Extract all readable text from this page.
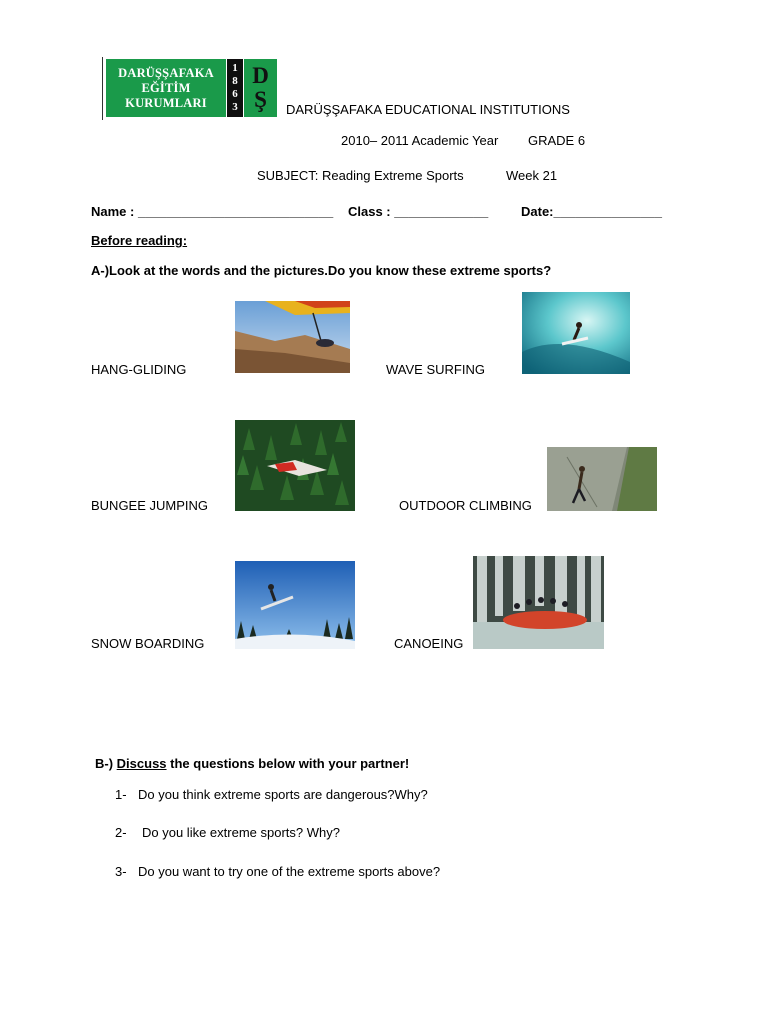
DARÜŞŞAFAKA
EĞİTİM
KURUMLARI
1
8
6
3
D
Ş DARÜŞŞAFAKA EDUCATIONAL INSTITUTIONS
2010– 2011 Academic Year GRADE 6
SUBJECT: Reading Extreme Sports	Week 21
Name : ___________________________ Class : _____________	Date:_______________
Before reading:
A-)Look at the words and the pictures.Do you know these extreme sports?
HANG-GLIDING	WAVE SURFING
BUNGEE JUMPING	OUTDOOR CLIMBING
SNOW BOARDING	CANOEING
B-) Discuss the questions below with your partner!
1- Do you think extreme sports are dangerous?Why?
2- Do you like extreme sports? Why?
3- Do you want to try one of the extreme sports above?
